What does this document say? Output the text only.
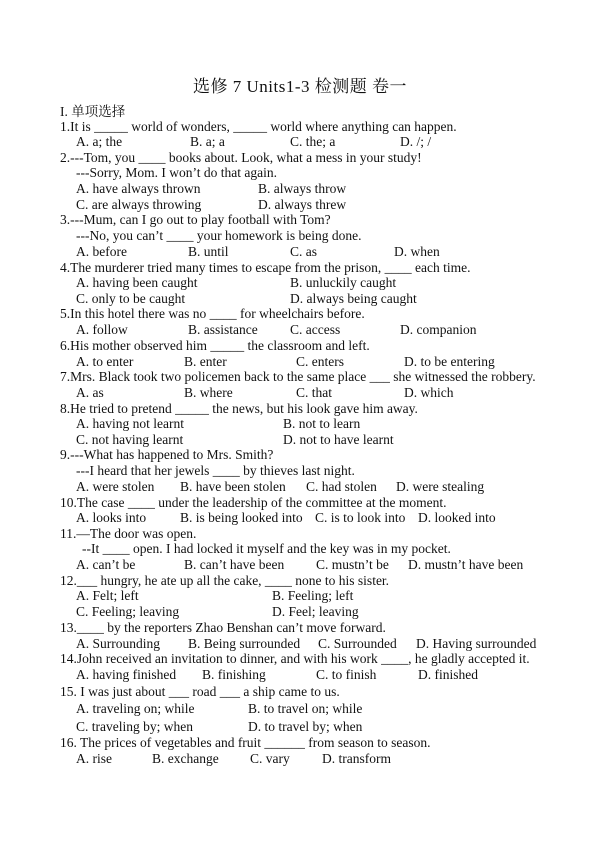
选修 7 Units1-3 检测题 卷一
I. 单项选择
1.It is _____ world of wonders, _____ world where anything can happen.
A. a; the	B. a; a	C. the; a	D. /; /
2.---Tom, you ____ books about. Look, what a mess in your study!
---Sorry, Mom. I won’t do that again.
A. have always thrown	B. always throw
C. are always throwing	D. always threw
3.---Mum, can I go out to play football with Tom?
---No, you can’t ____ your homework is being done.
A. before	B. until	C. as	D. when
4.The murderer tried many times to escape from the prison, ____ each time.
A. having been caught	B. unluckily caught
C. only to be caught	D. always being caught
5.In this hotel there was no ____ for wheelchairs before.
A. follow	B. assistance C. access	D. companion
6.His mother observed him _____ the classroom and left.
A. to enter	B. enter	C. enters	D. to be entering
7.Mrs. Black took two policemen back to the same place ___ she witnessed the robbery.
A. as	B. where	C. that	D. which
8.He tried to pretend _____ the news, but his look gave him away.
A. having not learnt	B. not to learn
C. not having learnt	D. not to have learnt
9.---What has happened to Mrs. Smith?
---I heard that her jewels ____ by thieves last night.
A. were stolen B. have been stolen C. had stolen D. were stealing
10.The case ____ under the leadership of the committee at the moment.
A. looks into	B. is being looked into C. is to look into D. looked into
11.—The door was open.
--It ____ open. I had locked it myself and the key was in my pocket.
A. can’t be	B. can’t have been C. mustn’t be D. mustn’t have been
12.___ hungry, he ate up all the cake, ____ none to his sister.
A. Felt; left	B. Feeling; left
C. Feeling; leaving	D. Feel; leaving
13.____ by the reporters Zhao Benshan can’t move forward.
A. Surrounding B. Being surrounded C. Surrounded D. Having surrounded
14.John received an invitation to dinner, and with his work ____, he gladly accepted it.
A. having finished B. finishing	C. to finish	D. finished
15. I was just about ___ road ___ a ship came to us.
A. traveling on; while	B. to travel on; while
C. traveling by; when	D. to travel by; when
16. The prices of vegetables and fruit ______ from season to season.
A. rise	B. exchange C. vary D. transform
